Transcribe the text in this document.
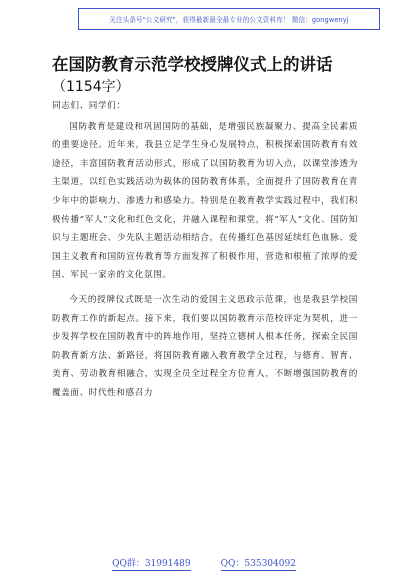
关注头条号"公文研究"，获得最新最全最专业的公文资料库！ 微信：gongwenyj
在国防教育示范学校授牌仪式上的讲话
（1154字）

同志们、同学们：

国防教育是建设和巩固国防的基础，是增强民族凝聚力、提高全民素质的重要途径。近年来，我县立足学生身心发展特点，积极探索国防教育有效途径，丰富国防教育活动形式，形成了以国防教育为切入点，以课堂渗透为主渠道，以红色实践活动为载体的国防教育体系，全面提升了国防教育在青少年中的影响力、渗透力和感染力。特别是在教育教学实践过程中，我们积极传播“军人”文化和红色文化，并融入课程和课堂，将“军人”文化、国防知识与主题班会、少先队主题活动相结合，在传播红色基因延续红色血脉、爱国主义教育和国防宣传教育等方面发挥了积极作用，营造和根植了浓厚的爱国、军民一家亲的文化氛围。

今天的授牌仪式既是一次生动的爱国主义思政示范课，也是我县学校国防教育工作的新起点。接下来，我们要以国防教育示范校评定为契机，进一步发挥学校在国防教育中的阵地作用，坚持立德树人根本任务，探索全民国防教育新方法、新路径，将国防教育融入教育教学全过程，与德育、智育、美育、劳动教育相融合，实现全员全过程全方位育人，不断增强国防教育的覆盖面、时代性和感召力

QQ群：31991489	QQ：535304092
